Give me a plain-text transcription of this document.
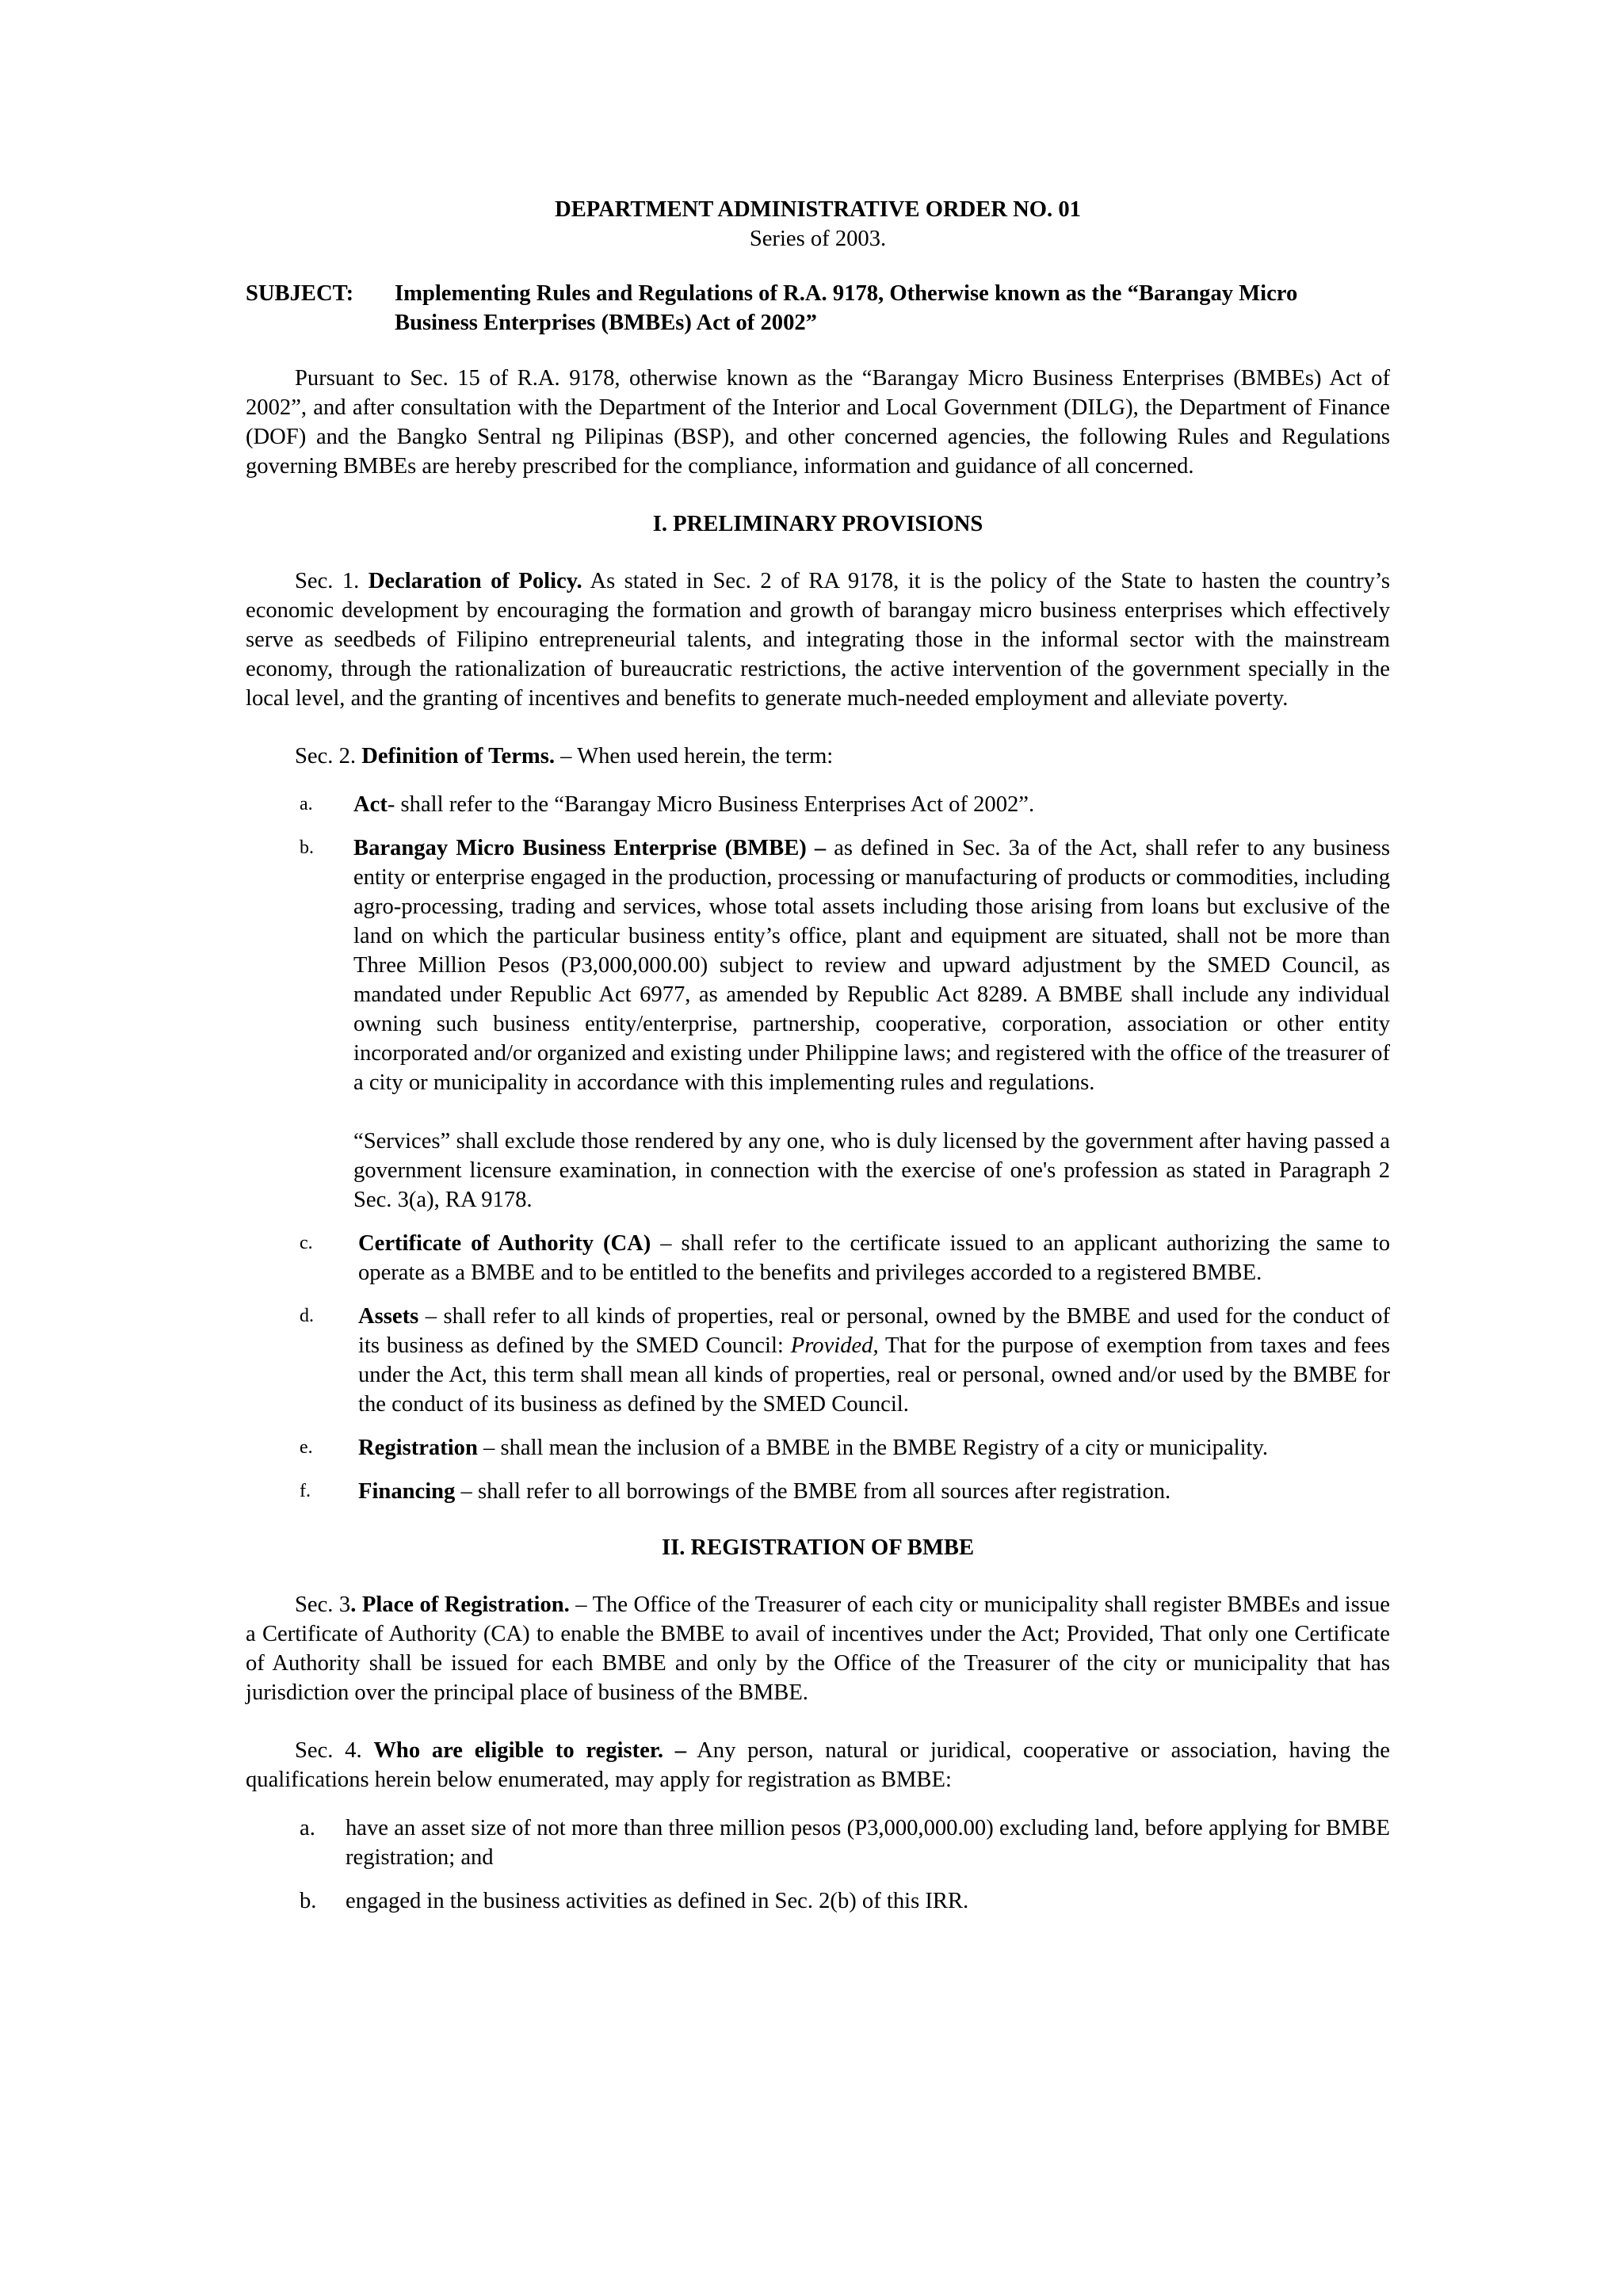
DEPARTMENT ADMINISTRATIVE ORDER NO. 01
Series of 2003.
SUBJECT:	Implementing Rules and Regulations of R.A. 9178, Otherwise known as the “Barangay Micro Business Enterprises (BMBEs) Act of 2002”

Pursuant to Sec. 15 of R.A. 9178, otherwise known as the “Barangay Micro Business Enterprises (BMBEs) Act of 2002”, and after consultation with the Department of the Interior and Local Government (DILG), the Department of Finance (DOF) and the Bangko Sentral ng Pilipinas (BSP), and other concerned agencies, the following Rules and Regulations governing BMBEs are hereby prescribed for the compliance, information and guidance of all concerned.

I. PRELIMINARY PROVISIONS

Sec. 1. Declaration of Policy. As stated in Sec. 2 of RA 9178, it is the policy of the State to hasten the country’s economic development by encouraging the formation and growth of barangay micro business enterprises which effectively serve as seedbeds of Filipino entrepreneurial talents, and integrating those in the informal sector with the mainstream economy, through the rationalization of bureaucratic restrictions, the active intervention of the government specially in the local level, and the granting of incentives and benefits to generate much-needed employment and alleviate poverty.

Sec. 2. Definition of Terms. – When used herein, the term:

a.	Act- shall refer to the “Barangay Micro Business Enterprises Act of 2002”.

b.	Barangay Micro Business Enterprise (BMBE) – as defined in Sec. 3a of the Act, shall refer to any business entity or enterprise engaged in the production, processing or manufacturing of products or commodities, including agro-processing, trading and services, whose total assets including those arising from loans but exclusive of the land on which the particular business entity’s office, plant and equipment are situated, shall not be more than Three Million Pesos (P3,000,000.00) subject to review and upward adjustment by the SMED Council, as mandated under Republic Act 6977, as amended by Republic Act 8289. A BMBE shall include any individual owning such business entity/enterprise, partnership, cooperative, corporation, association or other entity incorporated and/or organized and existing under Philippine laws; and registered with the office of the treasurer of a city or municipality in accordance with this implementing rules and regulations.

“Services” shall exclude those rendered by any one, who is duly licensed by the government after having passed a government licensure examination, in connection with the exercise of one's profession as stated in Paragraph 2 Sec. 3(a), RA 9178.

c.	Certificate of Authority (CA) – shall refer to the certificate issued to an applicant authorizing the same to operate as a BMBE and to be entitled to the benefits and privileges accorded to a registered BMBE.

d.	Assets – shall refer to all kinds of properties, real or personal, owned by the BMBE and used for the conduct of its business as defined by the SMED Council: Provided, That for the purpose of exemption from taxes and fees under the Act, this term shall mean all kinds of properties, real or personal, owned and/or used by the BMBE for the conduct of its business as defined by the SMED Council.

e.	Registration – shall mean the inclusion of a BMBE in the BMBE Registry of a city or municipality.

f.	Financing – shall refer to all borrowings of the BMBE from all sources after registration.

II. REGISTRATION OF BMBE

Sec. 3. Place of Registration. – The Office of the Treasurer of each city or municipality shall register BMBEs and issue a Certificate of Authority (CA) to enable the BMBE to avail of incentives under the Act; Provided, That only one Certificate of Authority shall be issued for each BMBE and only by the Office of the Treasurer of the city or municipality that has jurisdiction over the principal place of business of the BMBE.

Sec. 4. Who are eligible to register. – Any person, natural or juridical, cooperative or association, having the qualifications herein below enumerated, may apply for registration as BMBE:

a.	have an asset size of not more than three million pesos (P3,000,000.00) excluding land, before applying for BMBE registration; and
b.	engaged in the business activities as defined in Sec. 2(b) of this IRR.
